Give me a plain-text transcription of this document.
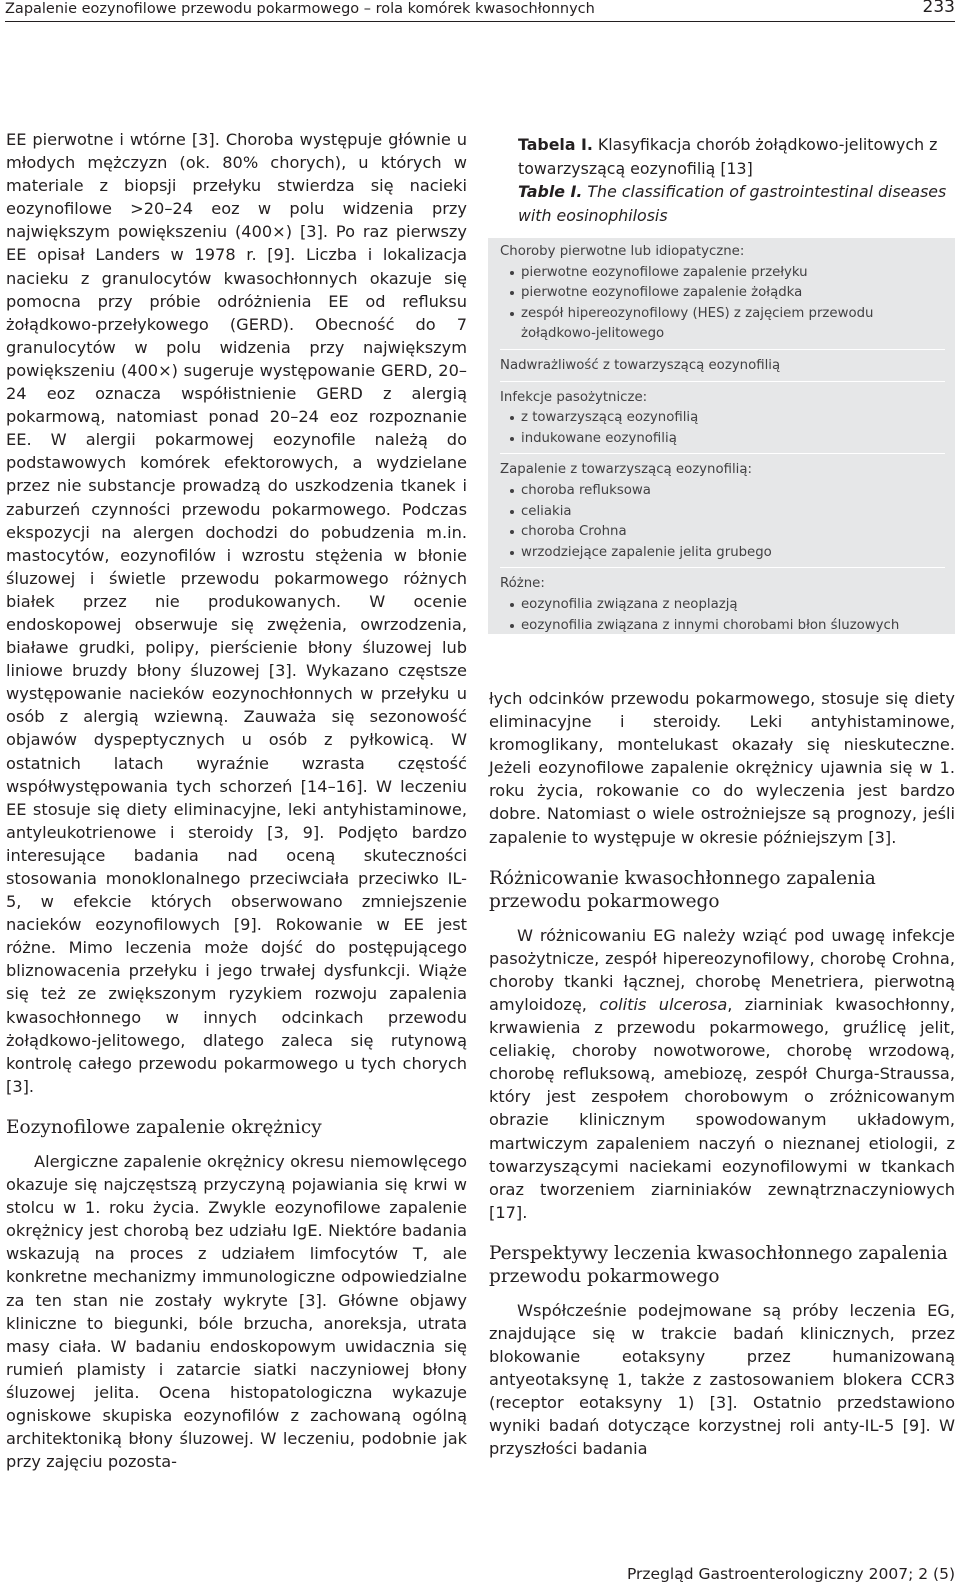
Zapalenie eozynofilowe przewodu pokarmowego – rola komórek kwasochłonnych	233

EE pierwotne i wtórne [3]. Choroba występuje głównie u młodych mężczyzn (ok. 80% chorych), u których w materiale z biopsji przełyku stwierdza się nacieki eozynofilowe >20–24 eoz w polu widzenia przy największym powiększeniu (400×) [3]. Po raz pierwszy EE opisał Landers w 1978 r. [9]. Liczba i lokalizacja nacieku z granulocytów kwasochłonnych okazuje się pomocna przy próbie odróżnienia EE od refluksu żołądkowo-przełykowego (GERD). Obecność do 7 granulocytów w polu widzenia przy największym powiększeniu (400×) sugeruje występowanie GERD, 20–24 eoz oznacza współistnienie GERD z alergią pokarmową, natomiast ponad 20–24 eoz rozpoznanie EE. W alergii pokarmowej eozynofile należą do podstawowych komórek efektorowych, a wydzielane przez nie substancje prowadzą do uszkodzenia tkanek i zaburzeń czynności przewodu pokarmowego. Podczas ekspozycji na alergen dochodzi do pobudzenia m.in. mastocytów, eozynofilów i wzrostu stężenia w błonie śluzowej i świetle przewodu pokarmowego różnych białek przez nie produkowanych. W ocenie endoskopowej obserwuje się zwężenia, owrzodzenia, białawe grudki, polipy, pierścienie błony śluzowej lub liniowe bruzdy błony śluzowej [3]. Wykazano częstsze występowanie nacieków eozynochłonnych w przełyku u osób z alergią wziewną. Zauważa się sezonowość objawów dyspeptycznych u osób z pyłkowicą. W ostatnich latach wyraźnie wzrasta częstość współwystępowania tych schorzeń [14–16]. W leczeniu EE stosuje się diety eliminacyjne, leki antyhistaminowe, antyleukotrienowe i steroidy [3, 9]. Podjęto bardzo interesujące badania nad oceną skuteczności stosowania monoklonalnego przeciwciała przeciwko IL-5, w efekcie których obserwowano zmniejszenie nacieków eozynofilowych [9]. Rokowanie w EE jest różne. Mimo leczenia może dojść do postępującego bliznowacenia przełyku i jego trwałej dysfunkcji. Wiąże się też ze zwiększonym ryzykiem rozwoju zapalenia kwasochłonnego w innych odcinkach przewodu żołądkowo-jelitowego, dlatego zaleca się rutynową kontrolę całego przewodu pokarmowego u tych chorych [3].

Eozynofilowe zapalenie okrężnicy

Alergiczne zapalenie okrężnicy okresu niemowlęcego okazuje się najczęstszą przyczyną pojawiania się krwi w stolcu w 1. roku życia. Zwykle eozynofilowe zapalenie okrężnicy jest chorobą bez udziału IgE. Niektóre badania wskazują na proces z udziałem limfocytów T, ale konkretne mechanizmy immunologiczne odpowiedzialne za ten stan nie zostały wykryte [3]. Główne objawy kliniczne to biegunki, bóle brzucha, anoreksja, utrata masy ciała. W badaniu endoskopowym uwidacznia się rumień plamisty i zatarcie siatki naczyniowej błony śluzowej jelita. Ocena histopatologiczna wykazuje ogniskowe skupiska eozynofilów z zachowaną ogólną architektoniką błony śluzowej. W leczeniu, podobnie jak przy zajęciu pozosta-

Tabela I. Klasyfikacja chorób żołądkowo-jelitowych z towarzyszącą eozynofilią [13]
Table I. The classification of gastrointestinal diseases with eosinophilosis
Choroby pierwotne lub idiopatyczne:
pierwotne eozynofilowe zapalenie przełyku
pierwotne eozynofilowe zapalenie żołądka
zespół hipereozynofilowy (HES) z zajęciem przewodu żołądkowo-jelitowego
Nadwrażliwość z towarzyszącą eozynofilią
Infekcje pasożytnicze:
z towarzyszącą eozynofilią
indukowane eozynofilią
Zapalenie z towarzyszącą eozynofilią:
choroba refluksowa
celiakia
choroba Crohna
wrzodziejące zapalenie jelita grubego
Różne:
eozynofilia związana z neoplazją
eozynofilia związana z innymi chorobami błon śluzowych

łych odcinków przewodu pokarmowego, stosuje się diety eliminacyjne i steroidy. Leki antyhistaminowe, kromoglikany, montelukast okazały się nieskuteczne. Jeżeli eozynofilowe zapalenie okrężnicy ujawnia się w 1. roku życia, rokowanie co do wyleczenia jest bardzo dobre. Natomiast o wiele ostrożniejsze są prognozy, jeśli zapalenie to występuje w okresie późniejszym [3].

Różnicowanie kwasochłonnego zapalenia przewodu pokarmowego

W różnicowaniu EG należy wziąć pod uwagę infekcje pasożytnicze, zespół hipereozynofilowy, chorobę Crohna, choroby tkanki łącznej, chorobę Menetriera, pierwotną amyloidozę, colitis ulcerosa, ziarniniak kwasochłonny, krwawienia z przewodu pokarmowego, gruźlicę jelit, celiakię, choroby nowotworowe, chorobę wrzodową, chorobę refluksową, amebiozę, zespół Churga-Straussa, który jest zespołem chorobowym o zróżnicowanym obrazie klinicznym spowodowanym układowym, martwiczym zapaleniem naczyń o nieznanej etiologii, z towarzyszącymi naciekami eozynofilowymi w tkankach oraz tworzeniem ziarniniaków zewnątrznaczyniowych [17].

Perspektywy leczenia kwasochłonnego zapalenia przewodu pokarmowego

Współcześnie podejmowane są próby leczenia EG, znajdujące się w trakcie badań klinicznych, przez blokowanie eotaksyny przez humanizowaną antyeotaksynę 1, także z zastosowaniem blokera CCR3 (receptor eotaksyny 1) [3]. Ostatnio przedstawiono wyniki badań dotyczące korzystnej roli anty-IL-5 [9]. W przyszłości badania

Przegląd Gastroenterologiczny 2007; 2 (5)
